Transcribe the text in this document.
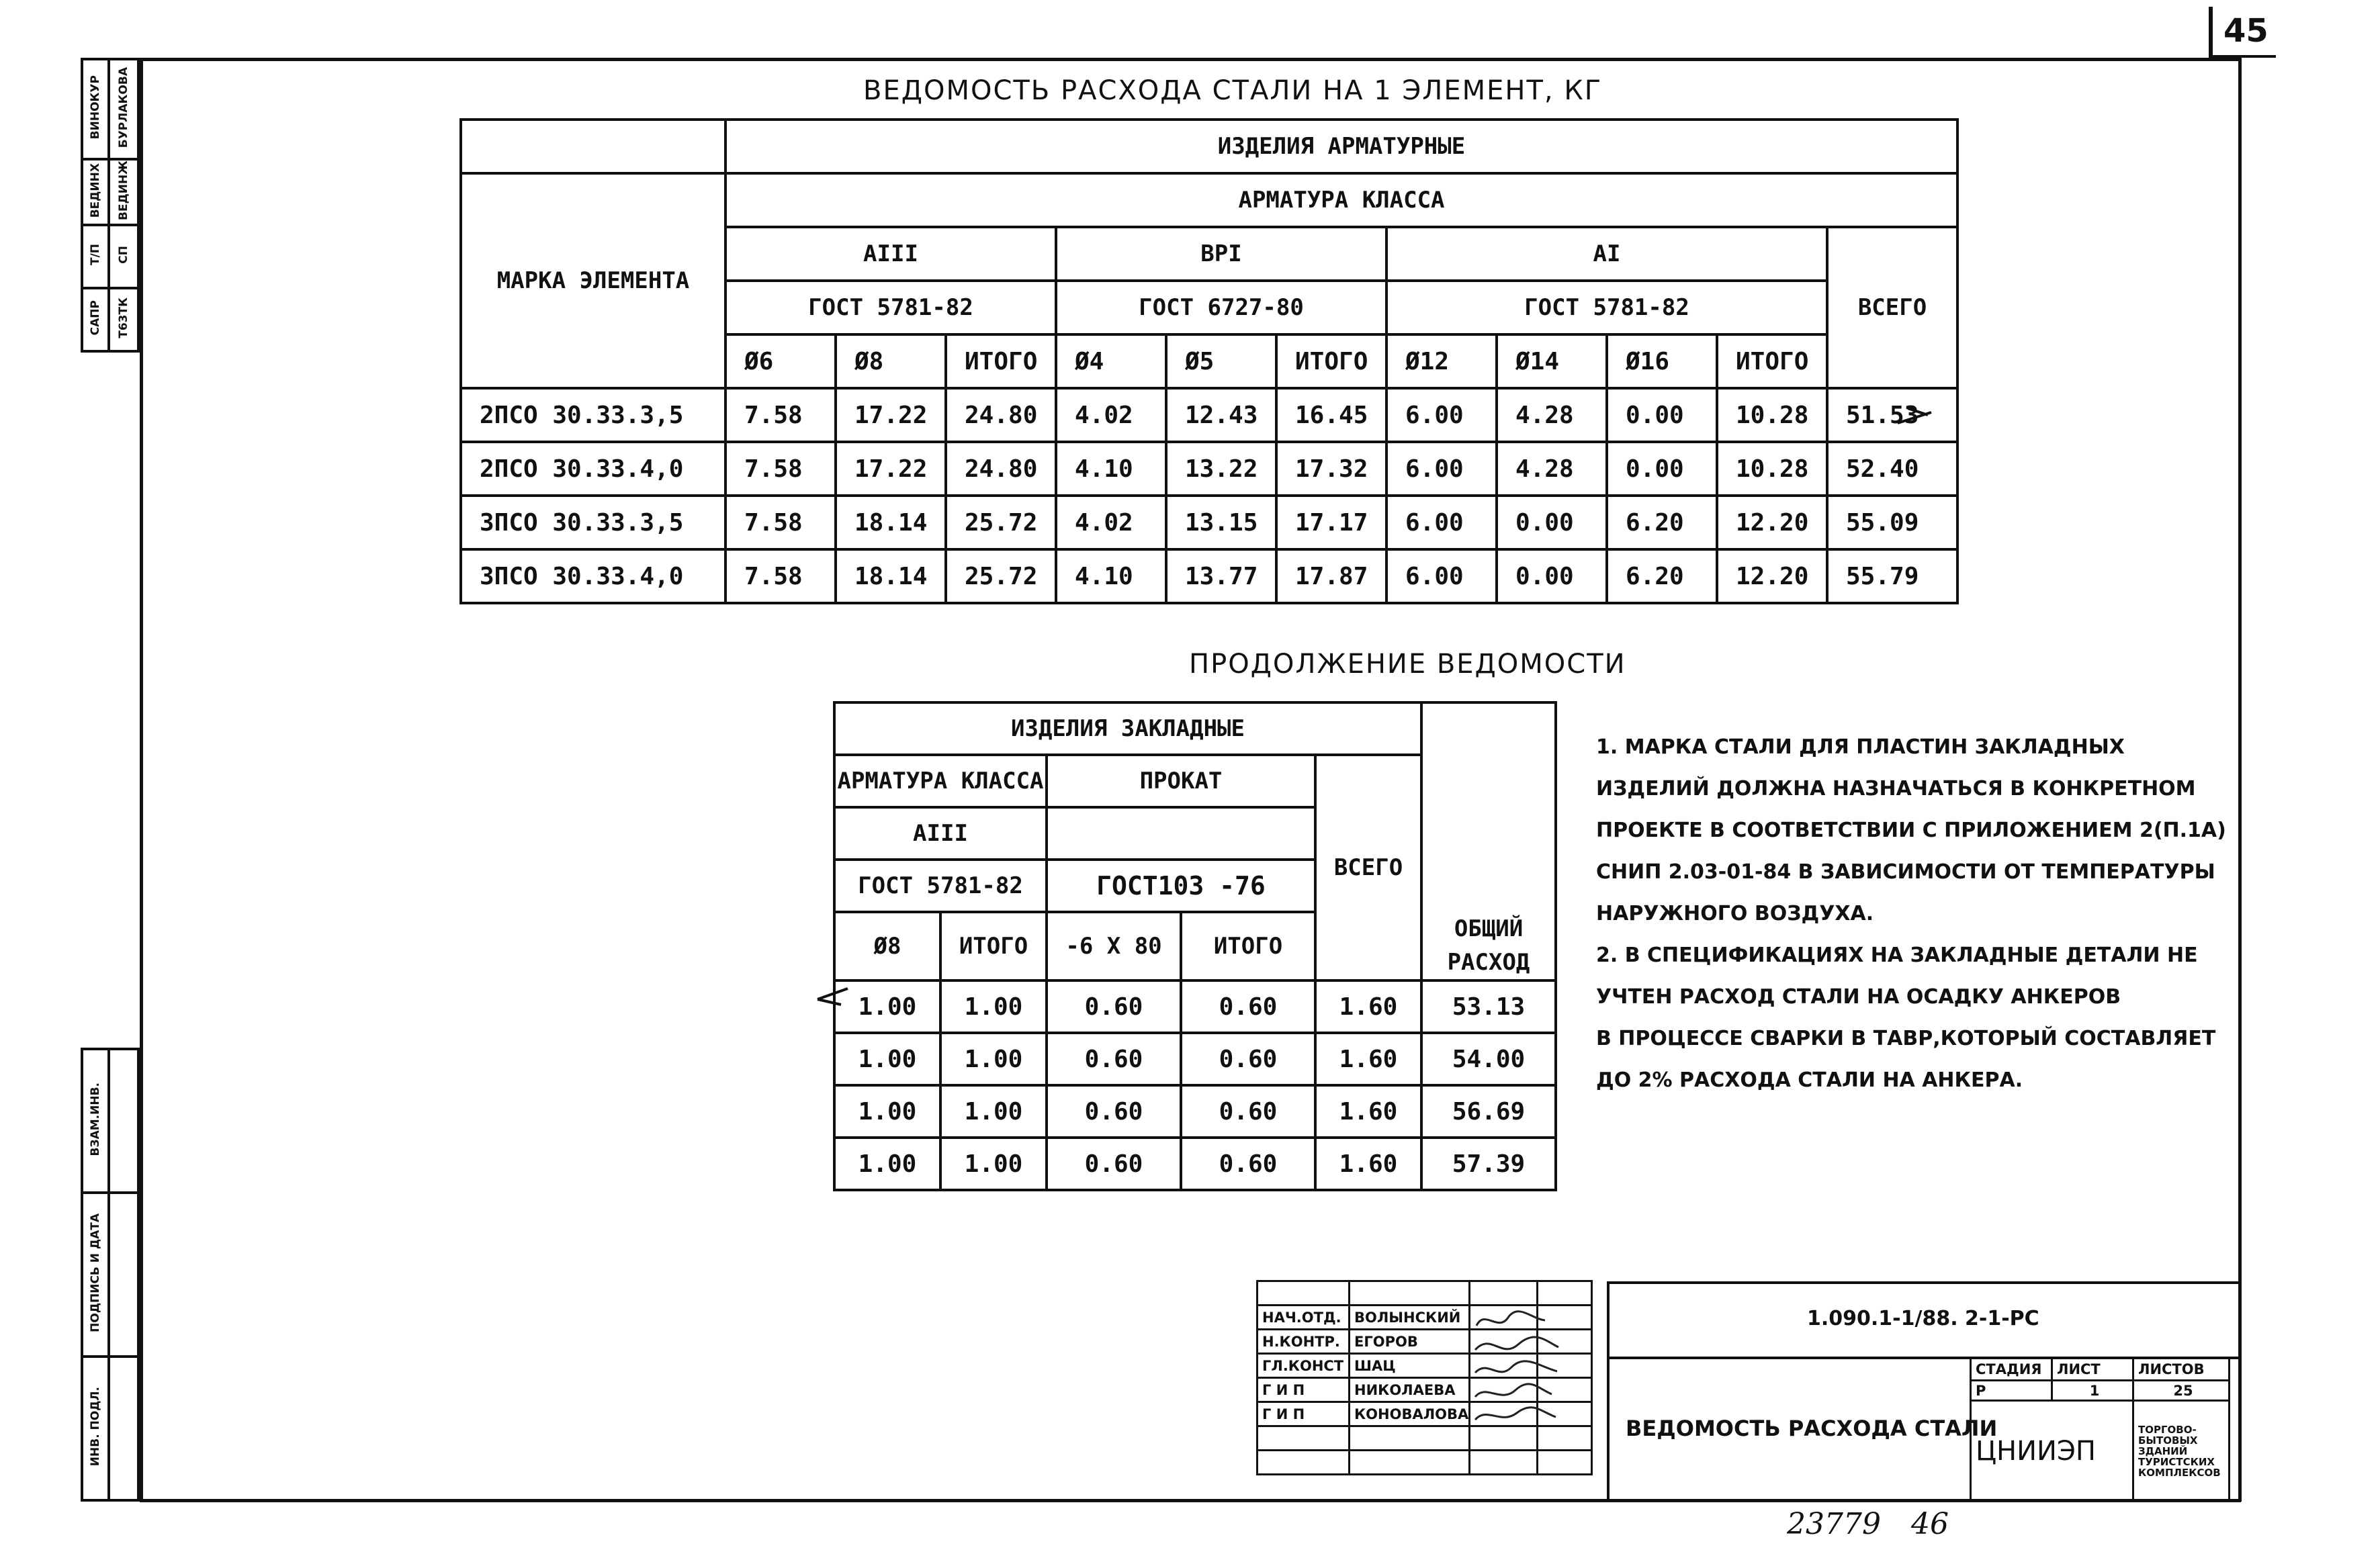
45
ВИНОКУР	БУРЛАКОВА
ВЕДИНХ	ВЕДИНЖ
Т/П	СП
САПР	Т63ТК
ВЗАМ.ИНВ.	
ПОДПИСЬ И ДАТА	
ИНВ. ПОДЛ.	
ВЕДОМОСТЬ РАСХОДА СТАЛИ НА 1 ЭЛЕМЕНТ, КГ
	ИЗДЕЛИЯ АРМАТУРНЫЕ										
МАРКА ЭЛЕМЕНТА	АРМАТУРА КЛАССА										
	AIII			ВРI			AI				ВСЕГО
	ГОСТ 5781-82			ГОСТ 6727-80			ГОСТ 5781-82				
	Ø6	Ø8	ИТОГО	Ø4	Ø5	ИТОГО	Ø12	Ø14	Ø16	ИТОГО	
2ПСО 30.33.3,5	7.58	17.22	24.80	4.02	12.43	16.45	6.00	4.28	0.00	10.28	51.53
2ПСО 30.33.4,0	7.58	17.22	24.80	4.10	13.22	17.32	6.00	4.28	0.00	10.28	52.40
3ПСО 30.33.3,5	7.58	18.14	25.72	4.02	13.15	17.17	6.00	0.00	6.20	12.20	55.09
3ПСО 30.33.4,0	7.58	18.14	25.72	4.10	13.77	17.87	6.00	0.00	6.20	12.20	55.79
ПРОДОЛЖЕНИЕ ВЕДОМОСТИ
ИЗДЕЛИЯ ЗАКЛАДНЫЕ					
АРМАТУРА КЛАССА		ПРОКАТ		ВСЕГО	
AIII					
ГОСТ 5781-82		ГОСТ103 -76			
Ø8	ИТОГО	-6 Х 80	ИТОГО		ОБЩИЙ
РАСХОД
1.00	1.00	0.60	0.60	1.60	53.13
1.00	1.00	0.60	0.60	1.60	54.00
1.00	1.00	0.60	0.60	1.60	56.69
1.00	1.00	0.60	0.60	1.60	57.39
1. МАРКА СТАЛИ ДЛЯ ПЛАСТИН ЗАКЛАДНЫХ
ИЗДЕЛИЙ ДОЛЖНА НАЗНАЧАТЬСЯ В КОНКРЕТНОМ
ПРОЕКТЕ В СООТВЕТСТВИИ С ПРИЛОЖЕНИЕМ 2(П.1А)
СНИП 2.03-01-84 В ЗАВИСИМОСТИ ОТ ТЕМПЕРАТУРЫ
НАРУЖНОГО ВОЗДУХА.
2. В СПЕЦИФИКАЦИЯХ НА ЗАКЛАДНЫЕ ДЕТАЛИ НЕ
УЧТЕН РАСХОД СТАЛИ НА ОСАДКУ АНКЕРОВ
В ПРОЦЕССЕ СВАРКИ В ТАВР,КОТОРЫЙ СОСТАВЛЯЕТ
ДО 2% РАСХОДА СТАЛИ НА АНКЕРА.

НАЧ.ОТД.	ВОЛЫНСКИЙ		
Н.КОНТР.	ЕГОРОВ		
ГЛ.КОНСТ	ШАЦ		
Г И П	НИКОЛАЕВА		
Г И П	КОНОВАЛОВА		

1.090.1-1/88. 2-1-РС
ВЕДОМОСТЬ РАСХОДА СТАЛИ
СТАДИЯ	ЛИСТ	ЛИСТОВ
Р	1	25
ЦНИИЭП		ТОРГОВО-
БЫТОВЫХ
ЗДАНИЙ
ТУРИСТСКИХ
КОМПЛЕКСОВ
23779 46
